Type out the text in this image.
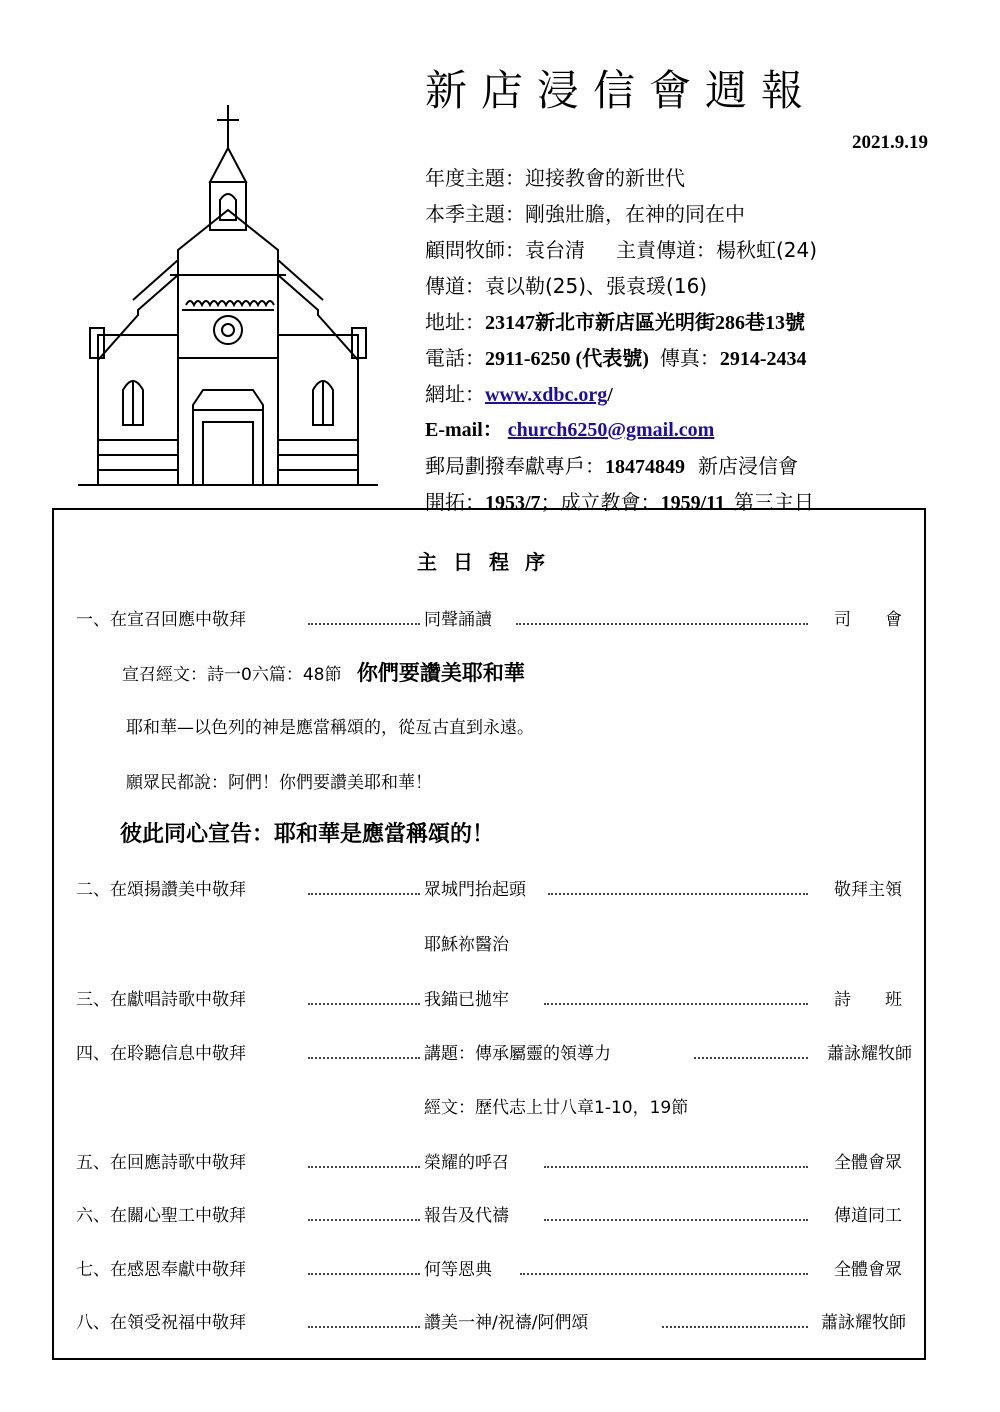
新店浸信會週報
2021.9.19
年度主題：迎接教會的新世代
本季主題：剛強壯膽，在神的同在中
顧問牧師：袁台清 主責傳道：楊秋虹(24)
傳道：袁以勒(25)、張袁瑗(16)
地址：23147新北市新店區光明街286巷13號
電話：2911-6250 (代表號) 傳真：2914-2434
網址：www.xdbc.org/
E-mail： church6250@gmail.com
郵局劃撥奉獻專戶：18474849 新店浸信會
開拓：1953/7；成立教會：1959/11 第三主日
主日程序
一、在宣召回應中敬拜	同聲誦讀	司　　會
宣召經文：詩一0六篇：48節 你們要讚美耶和華
耶和華—以色列的神是應當稱頌的，從亙古直到永遠。
願眾民都說：阿們！你們要讚美耶和華！
彼此同心宣告：耶和華是應當稱頌的！
二、在頌揚讚美中敬拜	眾城門抬起頭	敬拜主領
耶穌祢醫治
三、在獻唱詩歌中敬拜	我錨已拋牢	詩　　班
四、在聆聽信息中敬拜	講題：傳承屬靈的領導力	蕭詠耀牧師
經文：歷代志上廿八章1-10，19節
五、在回應詩歌中敬拜	榮耀的呼召	全體會眾
六、在關心聖工中敬拜	報告及代禱	傳道同工
七、在感恩奉獻中敬拜	何等恩典	全體會眾
八、在領受祝福中敬拜	讚美一神/祝禱/阿們頌	蕭詠耀牧師
